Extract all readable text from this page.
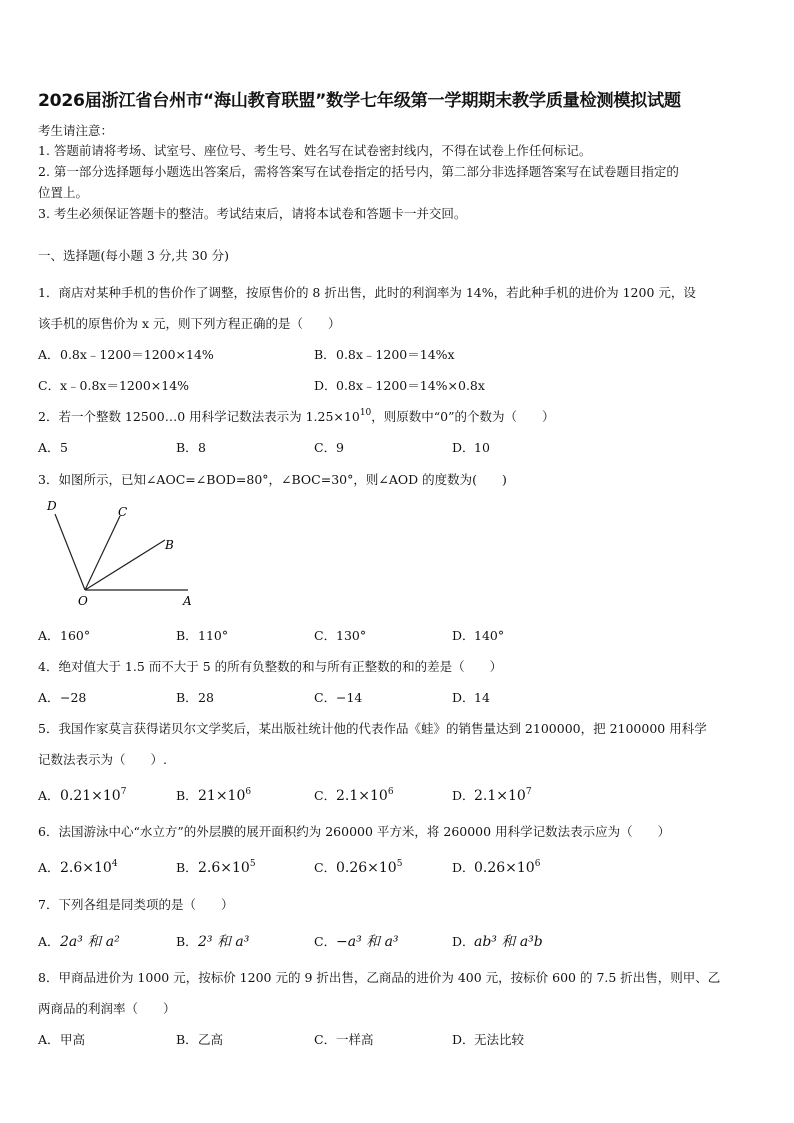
2026届浙江省台州市“海山教育联盟”数学七年级第一学期期末教学质量检测模拟试题
考生请注意：
1. 答题前请将考场、试室号、座位号、考生号、姓名写在试卷密封线内，不得在试卷上作任何标记。
2. 第一部分选择题每小题选出答案后，需将答案写在试卷指定的括号内，第二部分非选择题答案写在试卷题目指定的
位置上。
3. 考生必须保证答题卡的整洁。考试结束后，请将本试卷和答题卡一并交回。
一、选择题(每小题 3 分,共 30 分)
1．商店对某种手机的售价作了调整，按原售价的 8 折出售，此时的利润率为 14%，若此种手机的进价为 1200 元，设
该手机的原售价为 x 元，则下列方程正确的是（　　）
A．0.8x﹣1200＝1200×14%	B．0.8x﹣1200＝14%x
C．x﹣0.8x＝1200×14%	D．0.8x﹣1200＝14%×0.8x
2．若一个整数 12500…0 用科学记数法表示为 $1.25\times 10^{10}$，则原数中“0”的个数为（　　）
A．5	B．8	C．9	D．10
3．如图所示，已知∠AOC=∠BOD=80°，∠BOC=30°，则∠AOD 的度数为(　　)
D	C
B
O	A
A．160°	B．110°	C．130°	D．140°
4．绝对值大于 1.5 而不大于 5 的所有负整数的和与所有正整数的和的差是（　　）
A．−28	B．28	C．−14	D．14
5．我国作家莫言获得诺贝尔文学奖后，某出版社统计他的代表作品《蛙》的销售量达到 2100000，把 2100000 用科学
记数法表示为（　　）.
A．$0.21\times 10^7$	B．$21\times 10^6$	C．$2.1\times 10^6$	D．$2.1\times 10^7$
6．法国游泳中心“水立方”的外层膜的展开面积约为 260000 平方米，将 260000 用科学记数法表示应为（　　）
A．$2.6\times 10^4$	B．$2.6\times 10^5$	C．$0.26\times 10^5$	D．$0.26\times 10^6$
7．下列各组是同类项的是（　　）
A．2a³ 和 a²	B．2³ 和 a³	C．−a³ 和 a³	D．ab³ 和 a³b
8．甲商品进价为 1000 元，按标价 1200 元的 9 折出售，乙商品的进价为 400 元，按标价 600 的 7.5 折出售，则甲、乙
两商品的利润率（　　）
A．甲高	B．乙高	C．一样高	D．无法比较
